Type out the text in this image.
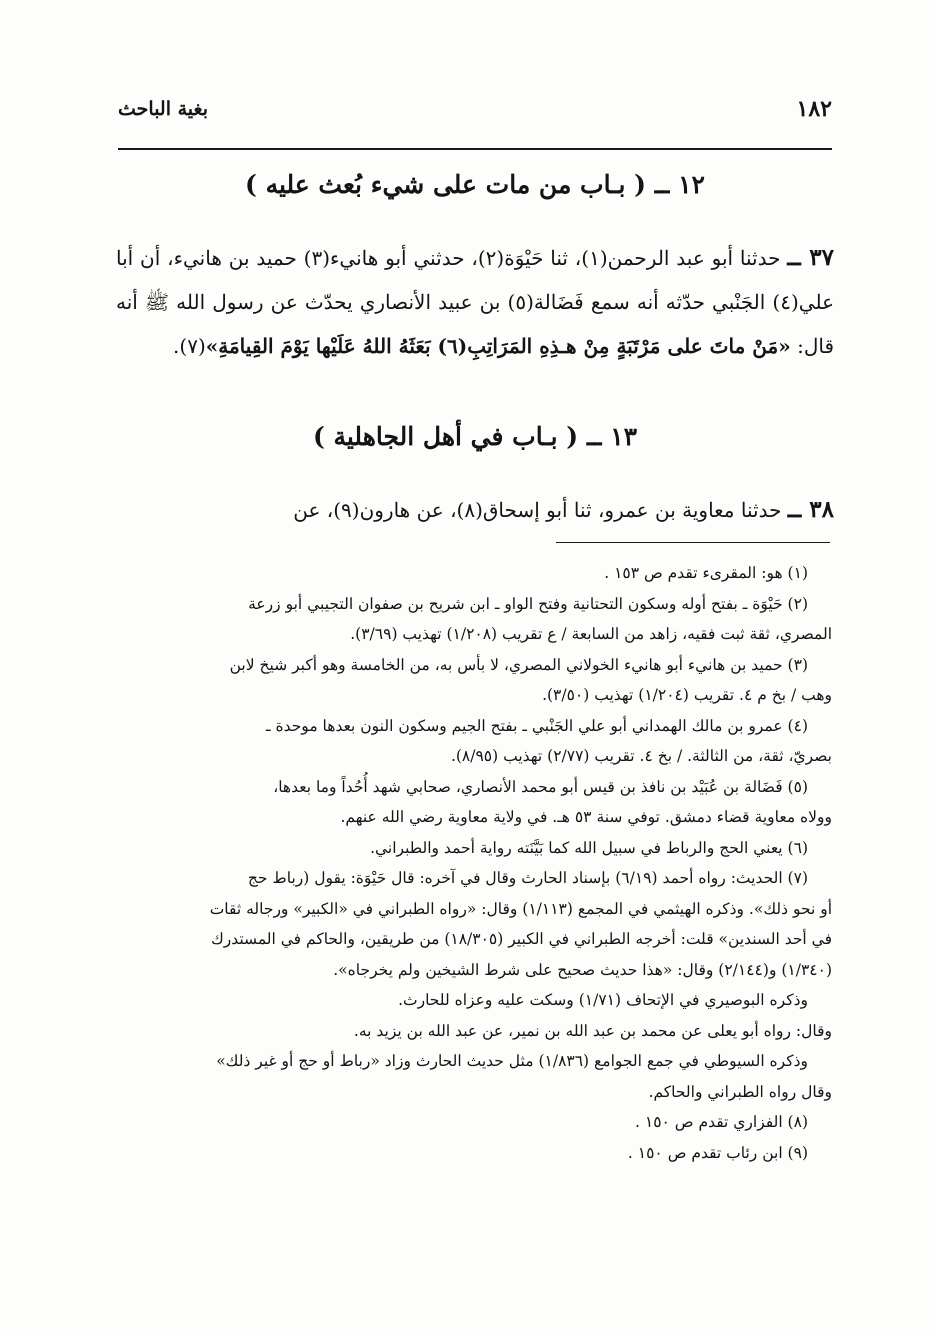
١٨٢
بغية الباحث
١٢ ــ ( بـاب من مات على شيء بُعث عليه )
٣٧ ــ حدثنا أبو عبد الرحمن(١)، ثنا حَيْوَة(٢)، حدثني أبو هانيء(٣) حميد بن هانيء، أن أبا علي(٤) الجَنْبي حدّثه أنه سمع فَضَالة(٥) بن عبيد الأنصاري يحدّث عن رسول الله ﷺ أنه قال: «مَنْ ماتَ على مَرْتَبَةٍ مِنْ هـذِهِ المَرَاتِبِ(٦) بَعَثَهُ اللهُ عَلَيْها يَوْمَ القِيامَةِ»(٧).
١٣ ــ ( بـاب في أهل الجاهلية )
٣٨ ــ حدثنا معاوية بن عمرو، ثنا أبو إسحاق(٨)، عن هارون(٩)، عن
(١) هو: المقرىء تقدم ص ١٥٣ .
(٢) حَيْوَة ـ بفتح أوله وسكون التحتانية وفتح الواو ـ ابن شريح بن صفوان التجيبي أبو زرعة
المصري، ثقة ثبت فقيه، زاهد من السابعة / ع تقريب (١/٢٠٨) تهذيب (٣/٦٩).
(٣) حميد بن هانيء أبو هانيء الخولاني المصري، لا بأس به، من الخامسة وهو أكبر شيخ لابن
وهب / بخ م ٤. تقريب (١/٢٠٤) تهذيب (٣/٥٠).
(٤) عمرو بن مالك الهمداني أبو علي الجَنْبي ـ بفتح الجيم وسكون النون بعدها موحدة ـ
بصريّ، ثقة، من الثالثة. / بخ ٤. تقريب (٢/٧٧) تهذيب (٨/٩٥).
(٥) فَضَالة بن عُبَيْد بن نافذ بن قيس أبو محمد الأنصاري، صحابي شهد أُحُداً وما بعدها،
وولاه معاوية قضاء دمشق. توفي سنة ٥٣ هـ. في ولاية معاوية رضي الله عنهم.
(٦) يعني الحج والرباط في سبيل الله كما بَيَّنَته رواية أحمد والطبراني.
(٧) الحديث: رواه أحمد (٦/١٩) بإسناد الحارث وقال في آخره: قال حَيْوَة: يقول (رباط حج
أو نحو ذلك». وذكره الهيثمي في المجمع (١/١١٣) وقال: «رواه الطبراني في «الكبير» ورجاله ثقات
في أحد السندين» قلت: أخرجه الطبراني في الكبير (١٨/٣٠٥) من طريقين، والحاكم في المستدرك
(١/٣٤٠) و(٢/١٤٤) وقال: «هذا حديث صحيح على شرط الشيخين ولم يخرجاه».
وذكره البوصيري في الإتحاف (١/٧١) وسكت عليه وعزاه للحارث.
وقال: رواه أبو يعلى عن محمد بن عبد الله بن نمير، عن عبد الله بن يزيد به.
وذكره السيوطي في جمع الجوامع (١/٨٣٦) مثل حديث الحارث وزاد «رباط أو حج أو غير ذلك»
وقال رواه الطبراني والحاكم.
(٨) الفزاري تقدم ص ١٥٠ .
(٩) ابن رئاب تقدم ص ١٥٠ .
